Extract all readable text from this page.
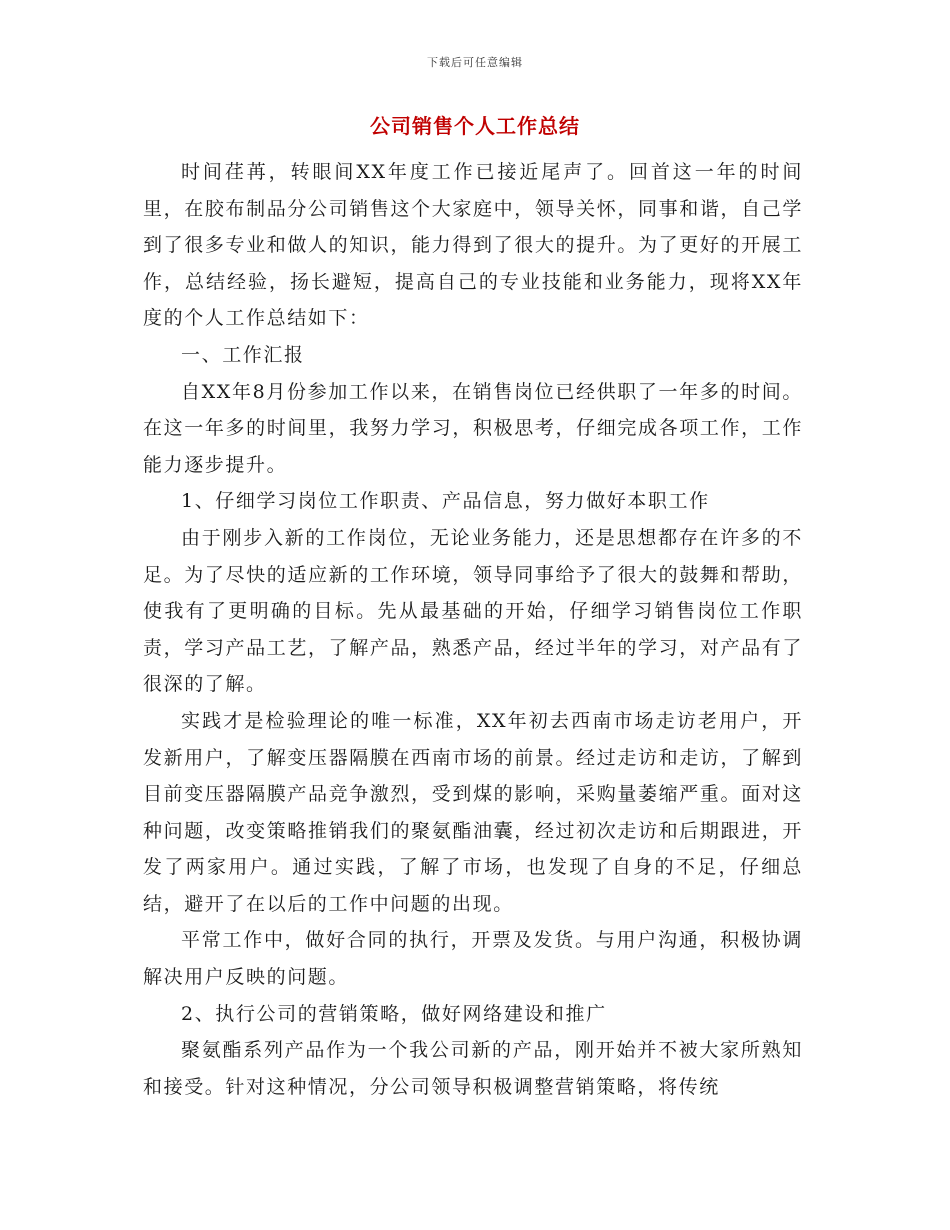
下载后可任意编辑
公司销售个人工作总结

时间荏苒，转眼间XX年度工作已接近尾声了。回首这一年的时间里，在胶布制品分公司销售这个大家庭中，领导关怀，同事和谐，自己学到了很多专业和做人的知识，能力得到了很大的提升。为了更好的开展工作，总结经验，扬长避短，提高自己的专业技能和业务能力，现将XX年度的个人工作总结如下：

一、工作汇报

自XX年8月份参加工作以来，在销售岗位已经供职了一年多的时间。在这一年多的时间里，我努力学习，积极思考，仔细完成各项工作，工作能力逐步提升。

1、仔细学习岗位工作职责、产品信息，努力做好本职工作

由于刚步入新的工作岗位，无论业务能力，还是思想都存在许多的不足。为了尽快的适应新的工作环境，领导同事给予了很大的鼓舞和帮助，使我有了更明确的目标。先从最基础的开始，仔细学习销售岗位工作职责，学习产品工艺，了解产品，熟悉产品，经过半年的学习，对产品有了很深的了解。

实践才是检验理论的唯一标准，XX年初去西南市场走访老用户，开发新用户，了解变压器隔膜在西南市场的前景。经过走访和走访，了解到目前变压器隔膜产品竞争激烈，受到煤的影响，采购量萎缩严重。面对这种问题，改变策略推销我们的聚氨酯油囊，经过初次走访和后期跟进，开发了两家用户。通过实践，了解了市场，也发现了自身的不足，仔细总结，避开了在以后的工作中问题的出现。

平常工作中，做好合同的执行，开票及发货。与用户沟通，积极协调解决用户反映的问题。

2、执行公司的营销策略，做好网络建设和推广

聚氨酯系列产品作为一个我公司新的产品，刚开始并不被大家所熟知和接受。针对这种情况，分公司领导积极调整营销策略，将传统
